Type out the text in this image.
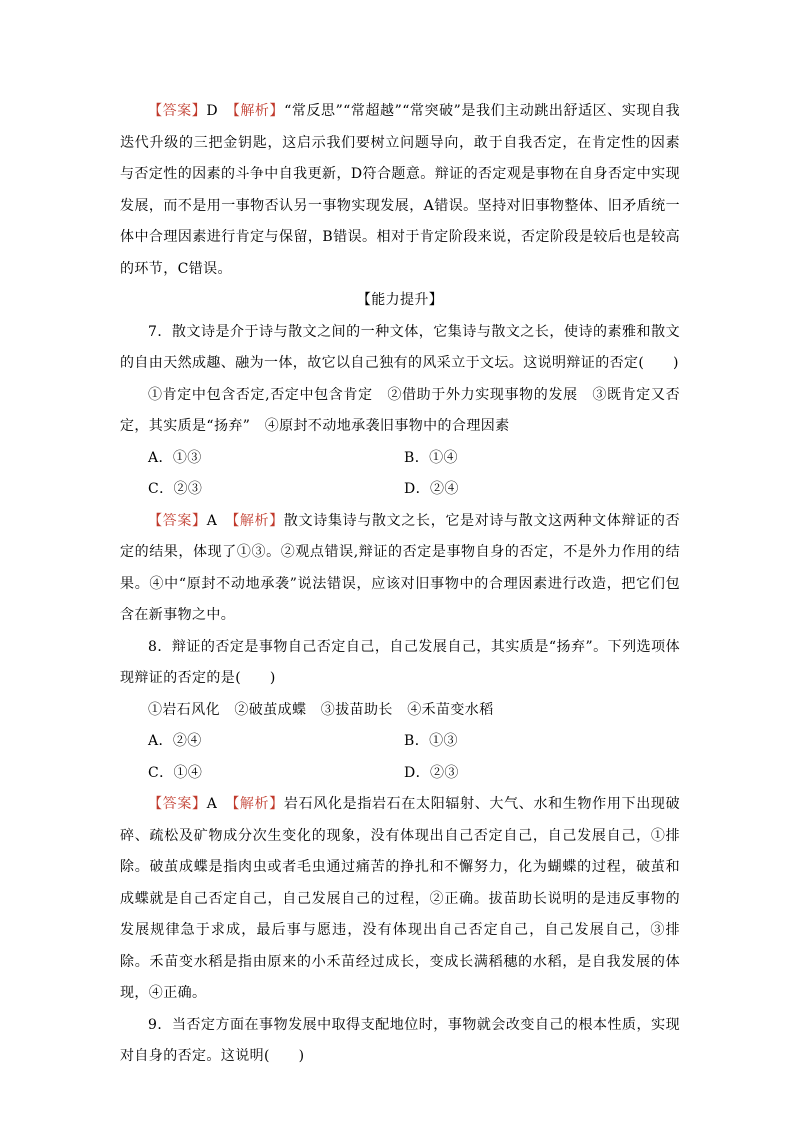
【答案】D　 【解析】“常反思”“常超越”“常突破”是我们主动跳出舒适区、实现自我迭代升级的三把金钥匙，这启示我们要树立问题导向，敢于自我否定，在肯定性的因素与否定性的因素的斗争中自我更新，D符合题意。辩证的否定观是事物在自身否定中实现发展，而不是用一事物否认另一事物实现发展，A错误。坚持对旧事物整体、旧矛盾统一体中合理因素进行肯定与保留，B错误。相对于肯定阶段来说，否定阶段是较后也是较高的环节，C错误。

【能力提升】

7．散文诗是介于诗与散文之间的一种文体，它集诗与散文之长，使诗的素雅和散文的自由天然成趣、融为一体，故它以自己独有的风采立于文坛。这说明辩证的否定(　　)

①肯定中包含否定,否定中包含肯定　②借助于外力实现事物的发展　③既肯定又否定，其实质是“扬弃”　④原封不动地承袭旧事物中的合理因素

A．①③	B．①④
C．②③	D．②④

【答案】A　 【解析】散文诗集诗与散文之长，它是对诗与散文这两种文体辩证的否定的结果，体现了①③。②观点错误,辩证的否定是事物自身的否定，不是外力作用的结果。④中“原封不动地承袭”说法错误，应该对旧事物中的合理因素进行改造，把它们包含在新事物之中。

8．辩证的否定是事物自己否定自己，自己发展自己，其实质是“扬弃”。下列选项体现辩证的否定的是(　　)

①岩石风化　②破茧成蝶　③拔苗助长　④禾苗变水稻

A．②④	B．①③
C．①④	D．②③

【答案】A　 【解析】岩石风化是指岩石在太阳辐射、大气、水和生物作用下出现破碎、疏松及矿物成分次生变化的现象，没有体现出自己否定自己，自己发展自己，①排除。破茧成蝶是指肉虫或者毛虫通过痛苦的挣扎和不懈努力，化为蝴蝶的过程，破茧和成蝶就是自己否定自己，自己发展自己的过程，②正确。拔苗助长说明的是违反事物的发展规律急于求成，最后事与愿违，没有体现出自己否定自己，自己发展自己，③排除。禾苗变水稻是指由原来的小禾苗经过成长，变成长满稻穗的水稻，是自我发展的体现，④正确。

9．当否定方面在事物发展中取得支配地位时，事物就会改变自己的根本性质，实现对自身的否定。这说明(　　)
